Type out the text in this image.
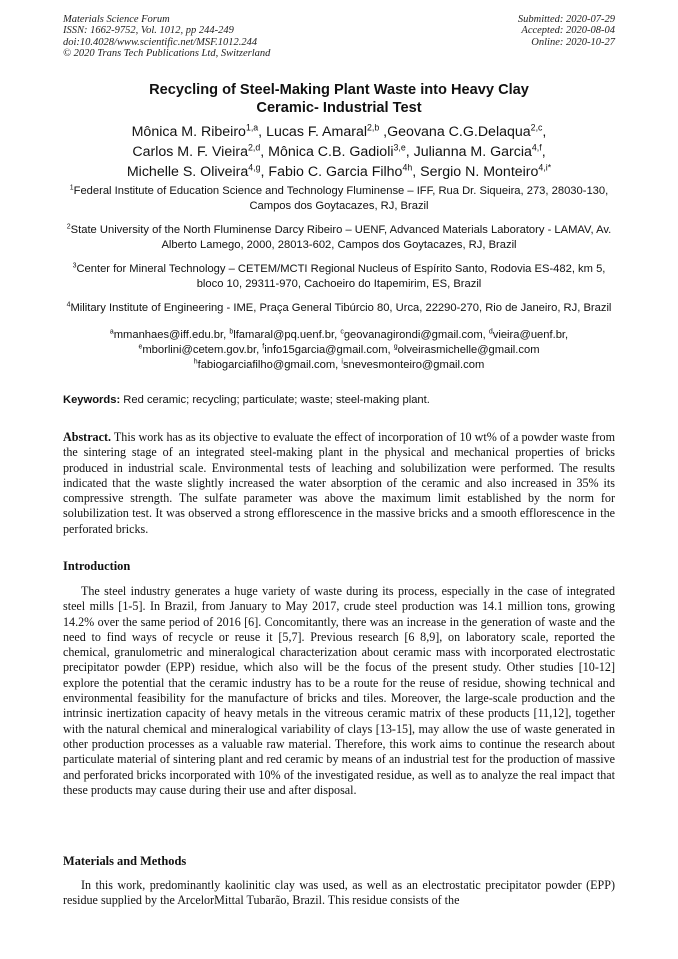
Materials Science Forum
ISSN: 1662-9752, Vol. 1012, pp 244-249
doi:10.4028/www.scientific.net/MSF.1012.244
© 2020 Trans Tech Publications Ltd, Switzerland
Submitted: 2020-07-29
Accepted: 2020-08-04
Online: 2020-10-27
Recycling of Steel-Making Plant Waste into Heavy Clay
Ceramic- Industrial Test
Mônica M. Ribeiro$^{1,a}$, Lucas F. Amaral$^{2,b}$ ,Geovana C.G.Delaqua$^{2,c}$,
Carlos M. F. Vieira$^{2,d}$, Mônica C.B. Gadioli$^{3,e}$, Julianna M. Garcia$^{4,f}$,
Michelle S. Oliveira$^{4,g}$, Fabio C. Garcia Filho$^{4h}$, Sergio N. Monteiro$^{4,i*}$
$^1$Federal Institute of Education Science and Technology Fluminense – IFF, Rua Dr. Siqueira, 273, 28030-130, Campos dos Goytacazes, RJ, Brazil
$^2$State University of the North Fluminense Darcy Ribeiro – UENF, Advanced Materials Laboratory - LAMAV, Av. Alberto Lamego, 2000, 28013-602, Campos dos Goytacazes, RJ, Brazil
$^3$Center for Mineral Technology – CETEM/MCTI Regional Nucleus of Espírito Santo, Rodovia ES-482, km 5, bloco 10, 29311-970, Cachoeiro do Itapemirim, ES, Brazil
$^4$Military Institute of Engineering - IME, Praça General Tibúrcio 80, Urca, 22290-270, Rio de Janeiro, RJ, Brazil
$^a$mmanhaes@iff.edu.br, $^b$lfamaral@pq.uenf.br, $^c$geovanagirondi@gmail.com, $^d$vieira@uenf.br,
$^e$mborlini@cetem.gov.br, $^f$info15garcia@gmail.com, $^g$olveirasmichelle@gmail.com
$^h$fabiogarciafilho@gmail.com, $^i$snevesmonteiro@gmail.com
Keywords: Red ceramic; recycling; particulate; waste; steel-making plant.
Abstract. This work has as its objective to evaluate the effect of incorporation of 10 wt% of a powder waste from the sintering stage of an integrated steel-making plant in the physical and mechanical properties of bricks produced in industrial scale. Environmental tests of leaching and solubilization were performed. The results indicated that the waste slightly increased the water absorption of the ceramic and also increased in 35% its compressive strength. The sulfate parameter was above the maximum limit established by the norm for solubilization test. It was observed a strong efflorescence in the massive bricks and a smooth efflorescence in the perforated bricks.
Introduction

The steel industry generates a huge variety of waste during its process, especially in the case of integrated steel mills [1-5]. In Brazil, from January to May 2017, crude steel production was 14.1 million tons, growing 14.2% over the same period of 2016 [6]. Concomitantly, there was an increase in the generation of waste and the need to find ways of recycle or reuse it [5,7]. Previous research [6 8,9], on laboratory scale, reported the chemical, granulometric and mineralogical characterization about ceramic mass with incorporated electrostatic precipitator powder (EPP) residue, which also will be the focus of the present study. Other studies [10-12] explore the potential that the ceramic industry has to be a route for the reuse of residue, showing technical and environmental feasibility for the manufacture of bricks and tiles. Moreover, the large-scale production and the intrinsic inertization capacity of heavy metals in the vitreous ceramic matrix of these products [11,12], together with the natural chemical and mineralogical variability of clays [13-15], may allow the use of waste generated in other production processes as a valuable raw material. Therefore, this work aims to continue the research about particulate material of sintering plant and red ceramic by means of an industrial test for the production of massive and perforated bricks incorporated with 10% of the investigated residue, as well as to analyze the real impact that these products may cause during their use and after disposal.

Materials and Methods

In this work, predominantly kaolinitic clay was used, as well as an electrostatic precipitator powder (EPP) residue supplied by the ArcelorMittal Tubarão, Brazil. This residue consists of the
